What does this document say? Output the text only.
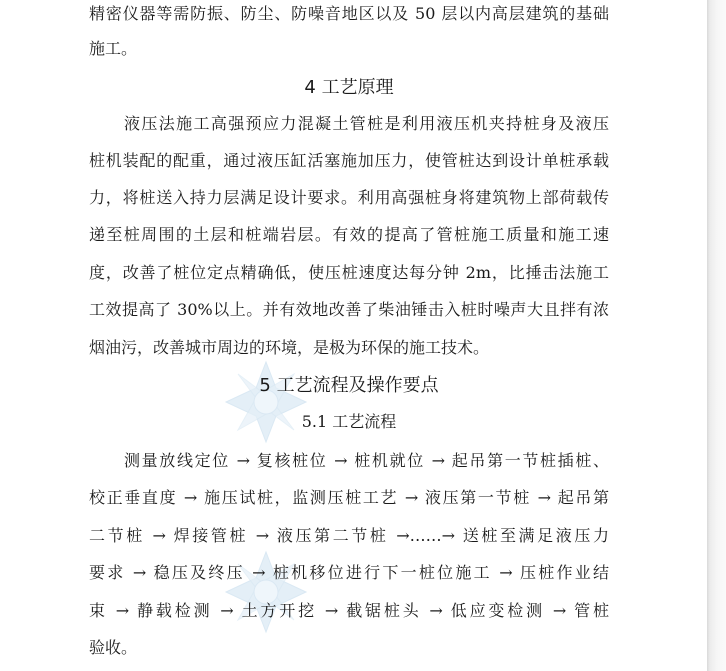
精密仪器等需防振、防尘、防噪音地区以及 50 层以内高层建筑的基础
施工。
4 工艺原理
液压法施工高强预应力混凝土管桩是利用液压机夹持桩身及液压
桩机装配的配重，通过液压缸活塞施加压力，使管桩达到设计单桩承载
力，将桩送入持力层满足设计要求。利用高强桩身将建筑物上部荷载传
递至桩周围的土层和桩端岩层。有效的提高了管桩施工质量和施工速
度，改善了桩位定点精确低，使压桩速度达每分钟 2m，比捶击法施工
工效提高了 30%以上。并有效地改善了柴油锤击入桩时噪声大且拌有浓
烟油污，改善城市周边的环境，是极为环保的施工技术。
5 工艺流程及操作要点
5.1 工艺流程
测量放线定位 → 复核桩位 → 桩机就位 → 起吊第一节桩插桩、
校正垂直度 → 施压试桩，监测压桩工艺 → 液压第一节桩 → 起吊第
二节桩 → 焊接管桩 → 液压第二节桩 →……→ 送桩至满足液压力
要求 → 稳压及终压 → 桩机移位进行下一桩位施工 → 压桩作业结
束 → 静载检测 → 土方开挖 → 截锯桩头 → 低应变检测 → 管桩
验收。
